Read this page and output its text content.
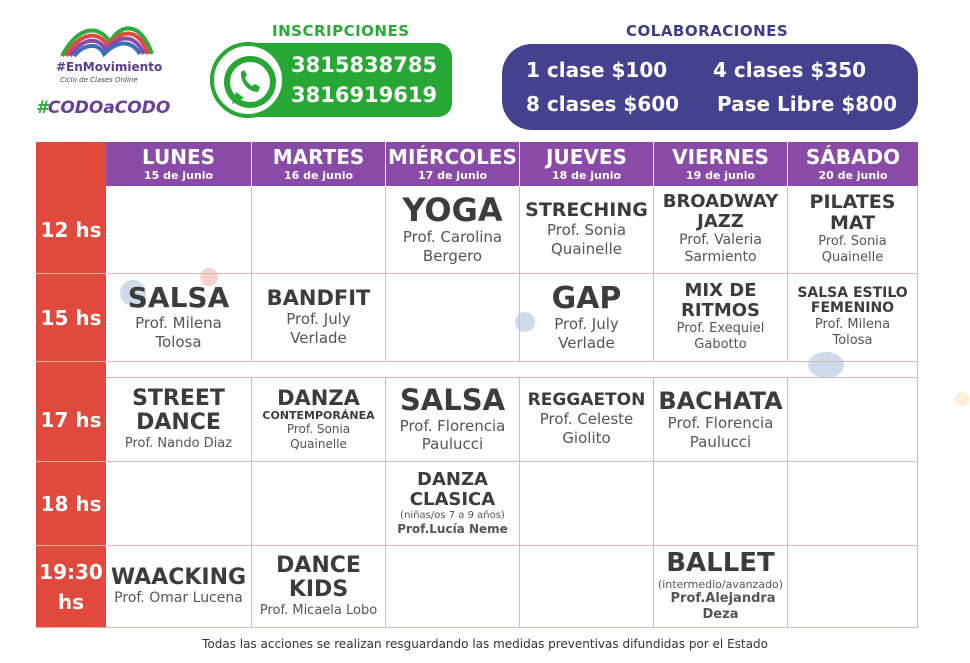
#EnMovimiento
Ciclo de Clases Online
#CODOaCODO
INSCRIPCIONES
3815838785
3816919619
COLABORACIONES
1 clase $100 4 clases $350
8 clases $600 Pase Libre $800
LUNES
15 de junio
MARTES
16 de junio
MIÉRCOLES
17 de junio
JUEVES
18 de junio
VIERNES
19 de junio
SÁBADO
20 de junio
12 hs
15 hs
17 hs
18 hs
19:30 hs
YOGA
Prof. Carolina Bergero
STRECHING
Prof. Sonia Quainelle
BROADWAY JAZZ
Prof. Valeria Sarmiento
PILATES MAT
Prof. Sonia Quainelle
SALSA
Prof. Milena Tolosa
BANDFIT
Prof. July Verlade
GAP
Prof. July Verlade
MIX DE RITMOS
Prof. Exequiel Gabotto
SALSA ESTILO FEMENINO
Prof. Milena Tolosa
STREET DANCE
Prof. Nando Diaz
DANZA
CONTEMPORÁNEA
Prof. Sonia Quainelle
SALSA
Prof. Florencia Paulucci
REGGAETON
Prof. Celeste Giolito
BACHATA
Prof. Florencia Paulucci
DANZA CLASICA
(niñas/os 7 a 9 años)
Prof.Lucía Neme
WAACKING
Prof. Omar Lucena
DANCE KIDS
Prof. Micaela Lobo
BALLET
(intermedio/avanzado)
Prof.Alejandra Deza
Todas las acciones se realizan resguardando las medidas preventivas difundidas por el Estado
